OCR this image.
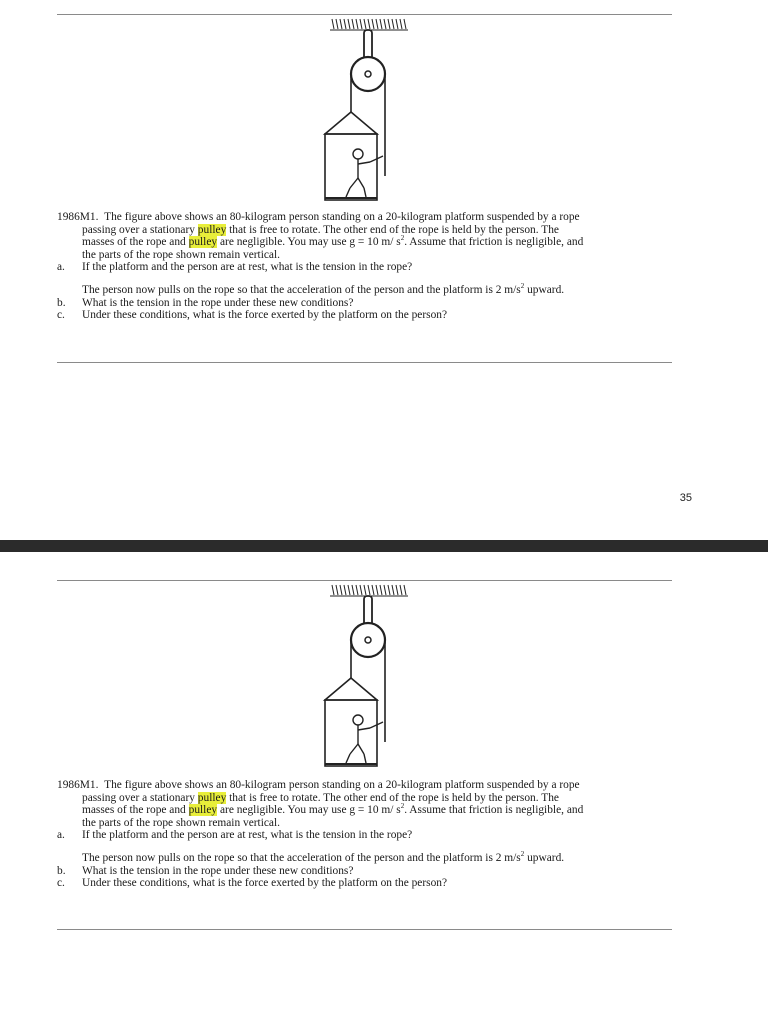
1986M1. The figure above shows an 80-kilogram person standing on a 20-kilogram platform suspended by a rope

passing over a stationary pulley that is free to rotate. The other end of the rope is held by the person. The

masses of the rope and pulley are negligible. You may use g = 10 m/ $s^2$. Assume that friction is negligible, and

the parts of the rope shown remain vertical.

a.	If the platform and the person are at rest, what is the tension in the rope?

The person now pulls on the rope so that the acceleration of the person and the platform is 2 $m/s^2$ upward.

b.	What is the tension in the rope under these new conditions?
c.	Under these conditions, what is the force exerted by the platform on the person?
35

1986M1. The figure above shows an 80-kilogram person standing on a 20-kilogram platform suspended by a rope

passing over a stationary pulley that is free to rotate. The other end of the rope is held by the person. The

masses of the rope and pulley are negligible. You may use g = 10 m/ $s^2$. Assume that friction is negligible, and

the parts of the rope shown remain vertical.

a.	If the platform and the person are at rest, what is the tension in the rope?

The person now pulls on the rope so that the acceleration of the person and the platform is 2 $m/s^2$ upward.

b.	What is the tension in the rope under these new conditions?
c.	Under these conditions, what is the force exerted by the platform on the person?
